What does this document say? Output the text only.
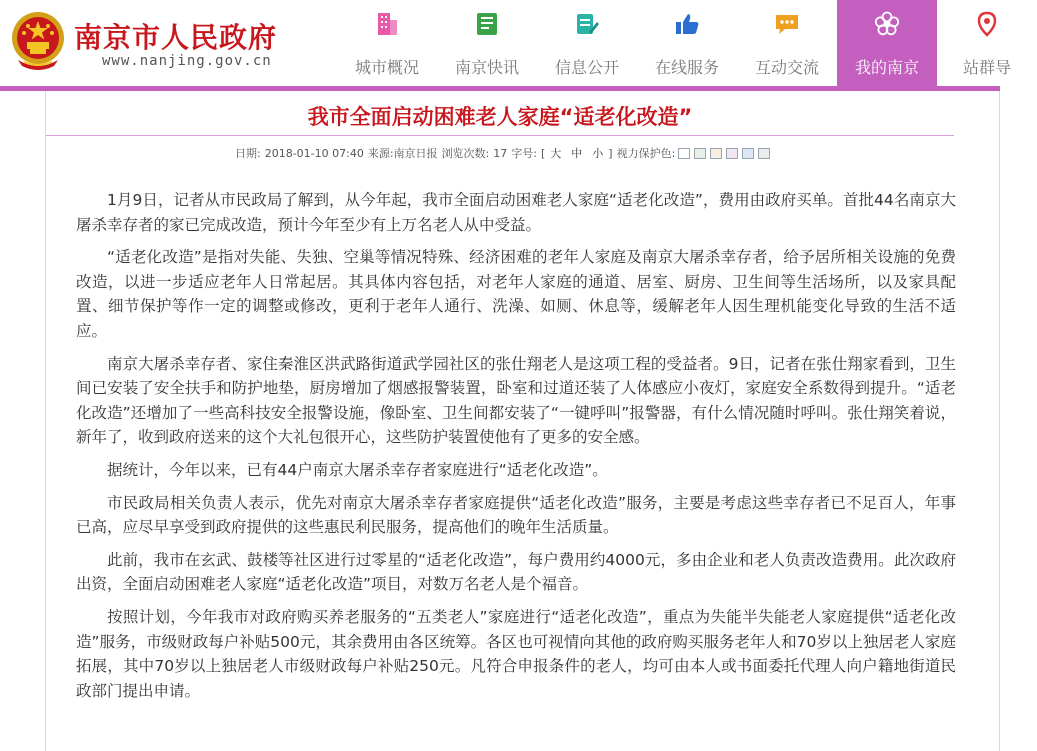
南京市人民政府
www.nanjing.gov.cn	城市概况	南京快讯	信息公开	在线服务	互动交流	我的南京	站群导
我市全面启动困难老人家庭“适老化改造”
日期: 2018-01-10 07:40 来源: 南京日报 浏览次数: 17 字号: [ 大 中 小 ] 视力保护色:

1月9日，记者从市民政局了解到，从今年起，我市全面启动困难老人家庭“适老化改造”，费用由政府买单。首批44名南京大屠杀幸存者的家已完成改造，预计今年至少有上万名老人从中受益。

“适老化改造”是指对失能、失独、空巢等情况特殊、经济困难的老年人家庭及南京大屠杀幸存者，给予居所相关设施的免费改造，以进一步适应老年人日常起居。其具体内容包括，对老年人家庭的通道、居室、厨房、卫生间等生活场所，以及家具配置、细节保护等作一定的调整或修改，更利于老年人通行、洗澡、如厕、休息等，缓解老年人因生理机能变化导致的生活不适应。

南京大屠杀幸存者、家住秦淮区洪武路街道武学园社区的张仕翔老人是这项工程的受益者。9日，记者在张仕翔家看到，卫生间已安装了安全扶手和防护地垫，厨房增加了烟感报警装置，卧室和过道还装了人体感应小夜灯，家庭安全系数得到提升。“适老化改造”还增加了一些高科技安全报警设施，像卧室、卫生间都安装了“一键呼叫”报警器，有什么情况随时呼叫。张仕翔笑着说，新年了，收到政府送来的这个大礼包很开心，这些防护装置使他有了更多的安全感。

据统计，今年以来，已有44户南京大屠杀幸存者家庭进行“适老化改造”。

市民政局相关负责人表示，优先对南京大屠杀幸存者家庭提供“适老化改造”服务，主要是考虑这些幸存者已不足百人，年事已高，应尽早享受到政府提供的这些惠民利民服务，提高他们的晚年生活质量。

此前，我市在玄武、鼓楼等社区进行过零星的“适老化改造”，每户费用约4000元，多由企业和老人负责改造费用。此次政府出资，全面启动困难老人家庭“适老化改造”项目，对数万名老人是个福音。

按照计划，今年我市对政府购买养老服务的“五类老人”家庭进行“适老化改造”，重点为失能半失能老人家庭提供“适老化改造”服务，市级财政每户补贴500元，其余费用由各区统筹。各区也可视情向其他的政府购买服务老年人和70岁以上独居老人家庭拓展，其中70岁以上独居老人市级财政每户补贴250元。凡符合申报条件的老人，均可由本人或书面委托代理人向户籍地街道民政部门提出申请。
